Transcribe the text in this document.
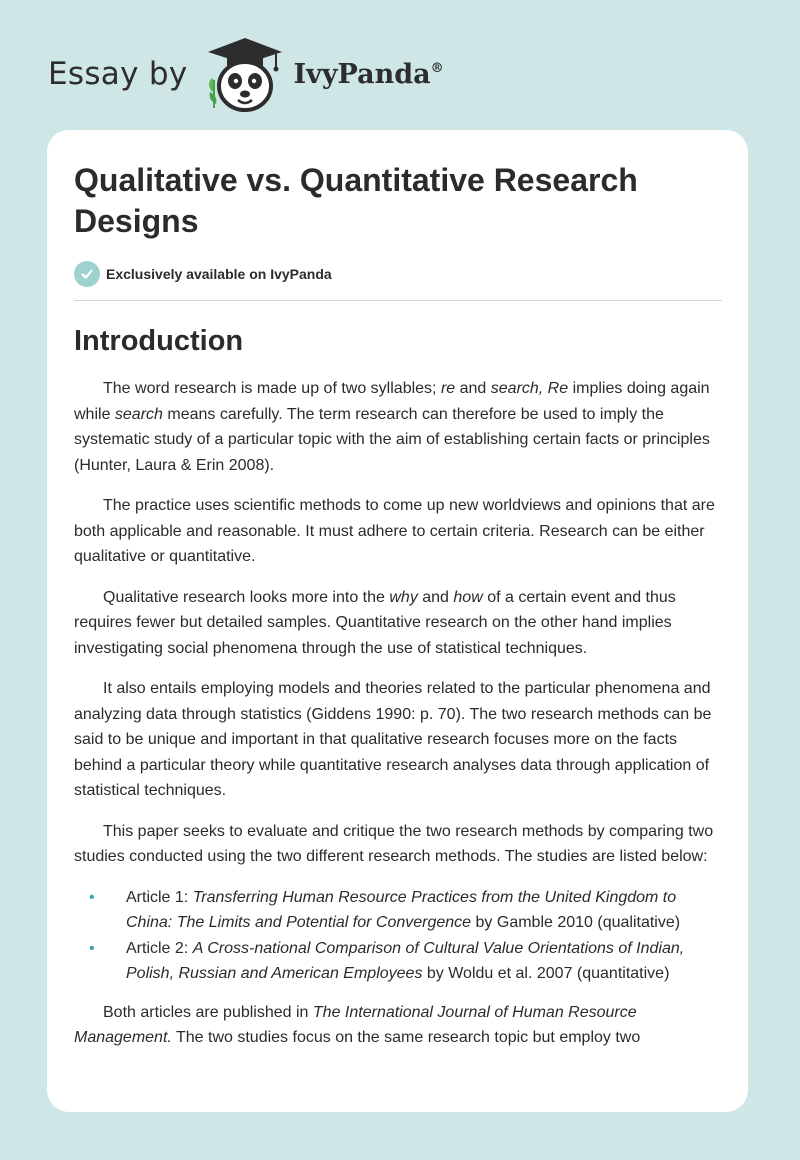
Essay by	IvyPanda®
Qualitative vs. Quantitative Research Designs
Exclusively available on IvyPanda
Introduction

The word research is made up of two syllables; re and search, Re implies doing again while search means carefully. The term research can therefore be used to imply the systematic study of a particular topic with the aim of establishing certain facts or principles (Hunter, Laura & Erin 2008).

The practice uses scientific methods to come up new worldviews and opinions that are both applicable and reasonable. It must adhere to certain criteria. Research can be either qualitative or quantitative.

Qualitative research looks more into the why and how of a certain event and thus requires fewer but detailed samples. Quantitative research on the other hand implies investigating social phenomena through the use of statistical techniques.

It also entails employing models and theories related to the particular phenomena and analyzing data through statistics (Giddens 1990: p. 70). The two research methods can be said to be unique and important in that qualitative research focuses more on the facts behind a particular theory while quantitative research analyses data through application of statistical techniques.

This paper seeks to evaluate and critique the two research methods by comparing two studies conducted using the two different research methods. The studies are listed below:

• Article 1: Transferring Human Resource Practices from the United Kingdom to China: The Limits and Potential for Convergence by Gamble 2010 (qualitative)
• Article 2: A Cross-national Comparison of Cultural Value Orientations of Indian, Polish, Russian and American Employees by Woldu et al. 2007 (quantitative)

Both articles are published in The International Journal of Human Resource Management. The two studies focus on the same research topic but employ two
